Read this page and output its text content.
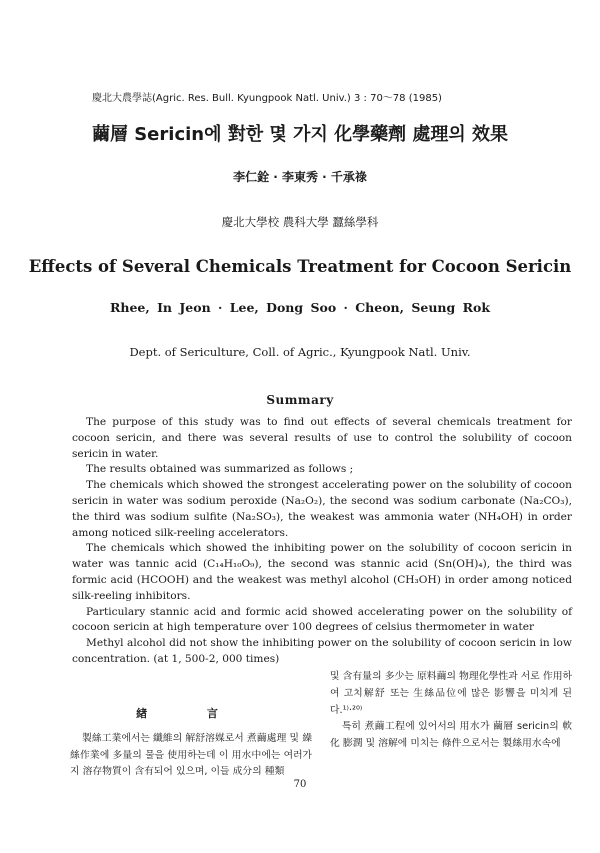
慶北大農學誌(Agric. Res. Bull. Kyungpook Natl. Univ.) 3 : 70～78 (1985)
繭層 Sericin에 對한 몇 가지 化學藥劑 處理의 效果
李仁銓 · 李東秀 · 千承祿
慶北大學校 農科大學 蠶絲學科
Effects of Several Chemicals Treatment for Cocoon Sericin
Rhee, In Jeon · Lee, Dong Soo · Cheon, Seung Rok
Dept. of Sericulture, Coll. of Agric., Kyungpook Natl. Univ.
Summary

The purpose of this study was to find out effects of several chemicals treatment for cocoon sericin, and there was several results of use to control the solubility of cocoon sericin in water.

The results obtained was summarized as follows ;

The chemicals which showed the strongest accelerating power on the solubility of cocoon sericin in water was sodium peroxide (Na₂O₂), the second was sodium carbonate (Na₂CO₃), the third was sodium sulfite (Na₂SO₃), the weakest was ammonia water (NH₄OH) in order among noticed silk-reeling accelerators.

The chemicals which showed the inhibiting power on the solubility of cocoon sericin in water was tannic acid (C₁₄H₁₀O₉), the second was stannic acid (Sn(OH)₄), the third was formic acid (HCOOH) and the weakest was methyl alcohol (CH₃OH) in order among noticed silk-reeling inhibitors.

Particulary stannic acid and formic acid showed accelerating power on the solubility of cocoon sericin at high temperature over 100 degrees of celsius thermometer in water

Methyl alcohol did not show the inhibiting power on the solubility of cocoon sericin in low concentration. (at 1, 500-2, 000 times)

緖 言

製絲工業에서는 纖維의 解舒溶媒로서 煮繭處理 및 繰絲作業에 多量의 물을 使用하는데 이 用水中에는 여러가지 溶存物質이 含有되어 있으며, 이들 成分의 種類

및 含有量의 多少는 原料繭의 物理化學性과 서로 作用하여 고치解舒 또는 生絲品位에 많은 影響을 미치게 된다.¹⁾·²⁰⁾

특히 煮繭工程에 있어서의 用水가 繭層 sericin의 軟化 膨潤 및 溶解에 미치는 條件으로서는 製絲用水속에

70
